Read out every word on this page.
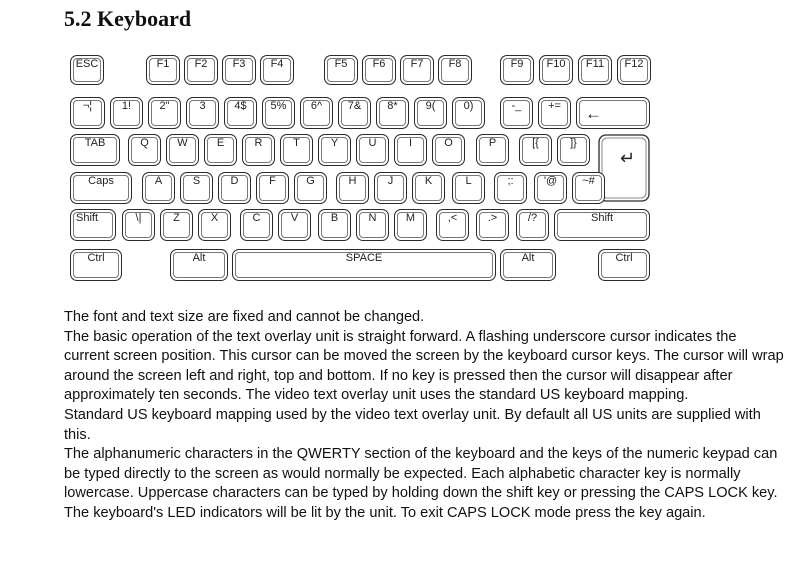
5.2 Keyboard
ESC	F1	F2	F3	F4	F5	F6	F7	F8	F9	F10	F11	F12
¬¦	1!	2"	3	4$	5%	6^	7&	8*	9(	0)	-_	+=	←
TAB	Q	W	E	R	T	Y	U	I	O	P	[{	]}
↵
Caps	A	S	D	F	G	H	J	K	L	;:	'@	~#
Shift	\|	Z	X	C	V	B	N	M	,<	.>	/?	Shift
Ctrl	Alt	SPACE	Alt	Ctrl

The font and text size are fixed and cannot be changed.

The basic operation of the text overlay unit is straight forward. A flashing underscore cursor indicates the current screen position. This cursor can be moved the screen by the keyboard cursor keys. The cursor will wrap around the screen left and right, top and bottom. If no key is pressed then the cursor will disappear after approximately ten seconds. The video text overlay unit uses the standard US keyboard mapping.

Standard US keyboard mapping used by the video text overlay unit. By default all US units are supplied with this.

The alphanumeric characters in the QWERTY section of the keyboard and the keys of the numeric keypad can be typed directly to the screen as would normally be expected. Each alphabetic character key is normally lowercase. Uppercase characters can be typed by holding down the shift key or pressing the CAPS LOCK key. The keyboard's LED indicators will be lit by the unit. To exit CAPS LOCK mode press the key again.
